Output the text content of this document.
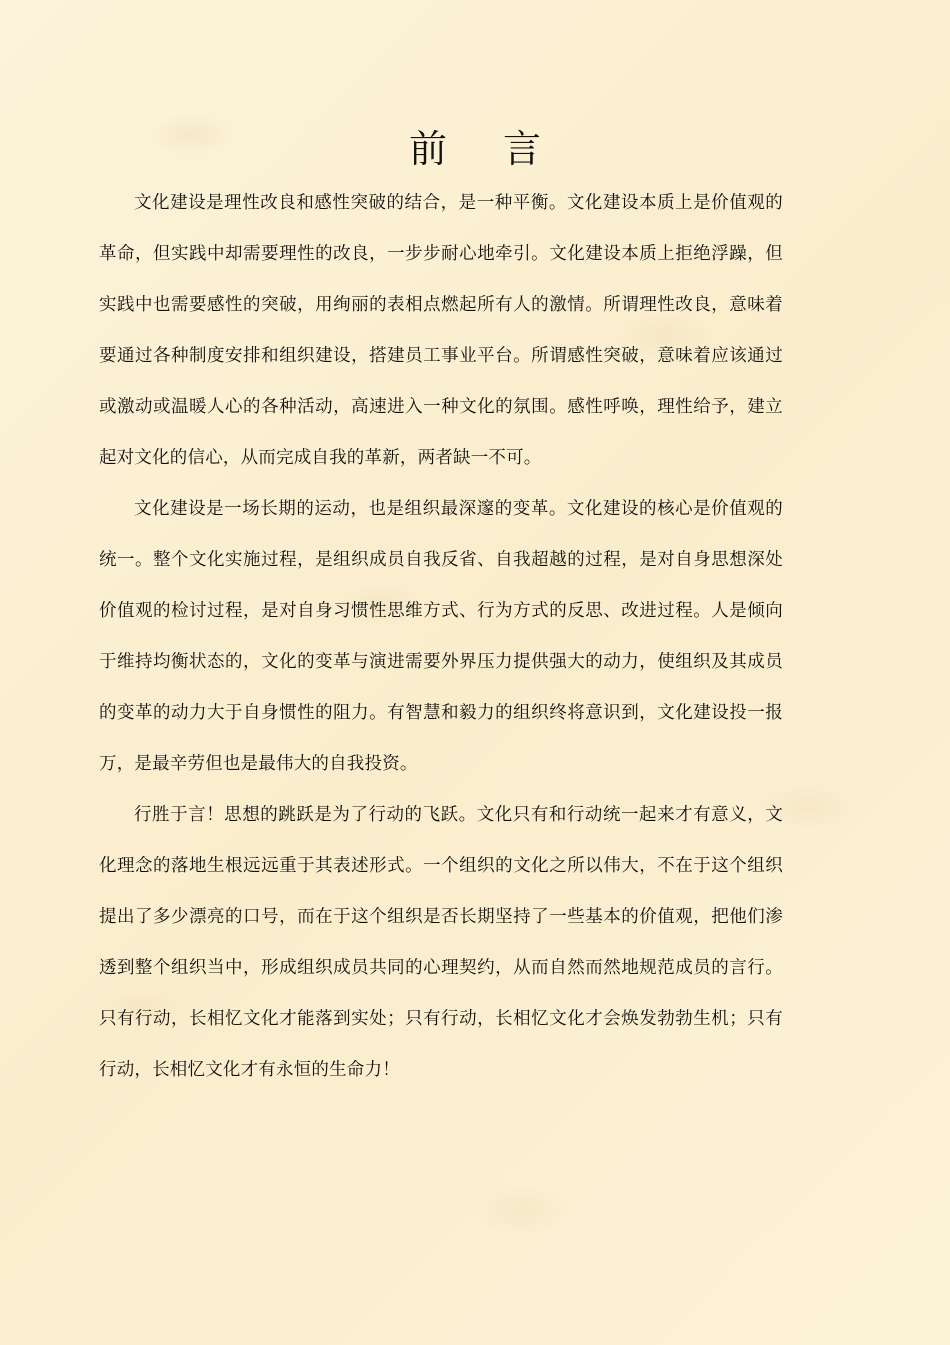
前 言

文化建设是理性改良和感性突破的结合，是一种平衡。文化建设本质上是价值观的革命，但实践中却需要理性的改良，一步步耐心地牵引。文化建设本质上拒绝浮躁，但实践中也需要感性的突破，用绚丽的表相点燃起所有人的激情。所谓理性改良，意味着要通过各种制度安排和组织建设，搭建员工事业平台。所谓感性突破，意味着应该通过或激动或温暖人心的各种活动，高速进入一种文化的氛围。感性呼唤，理性给予，建立起对文化的信心，从而完成自我的革新，两者缺一不可。

文化建设是一场长期的运动，也是组织最深邃的变革。文化建设的核心是价值观的统一。整个文化实施过程，是组织成员自我反省、自我超越的过程，是对自身思想深处价值观的检讨过程，是对自身习惯性思维方式、行为方式的反思、改进过程。人是倾向于维持均衡状态的，文化的变革与演进需要外界压力提供强大的动力，使组织及其成员的变革的动力大于自身惯性的阻力。有智慧和毅力的组织终将意识到，文化建设投一报万，是最辛劳但也是最伟大的自我投资。

行胜于言！思想的跳跃是为了行动的飞跃。文化只有和行动统一起来才有意义，文化理念的落地生根远远重于其表述形式。一个组织的文化之所以伟大，不在于这个组织提出了多少漂亮的口号，而在于这个组织是否长期坚持了一些基本的价值观，把他们渗透到整个组织当中，形成组织成员共同的心理契约，从而自然而然地规范成员的言行。只有行动，长相忆文化才能落到实处；只有行动，长相忆文化才会焕发勃勃生机；只有行动，长相忆文化才有永恒的生命力！
